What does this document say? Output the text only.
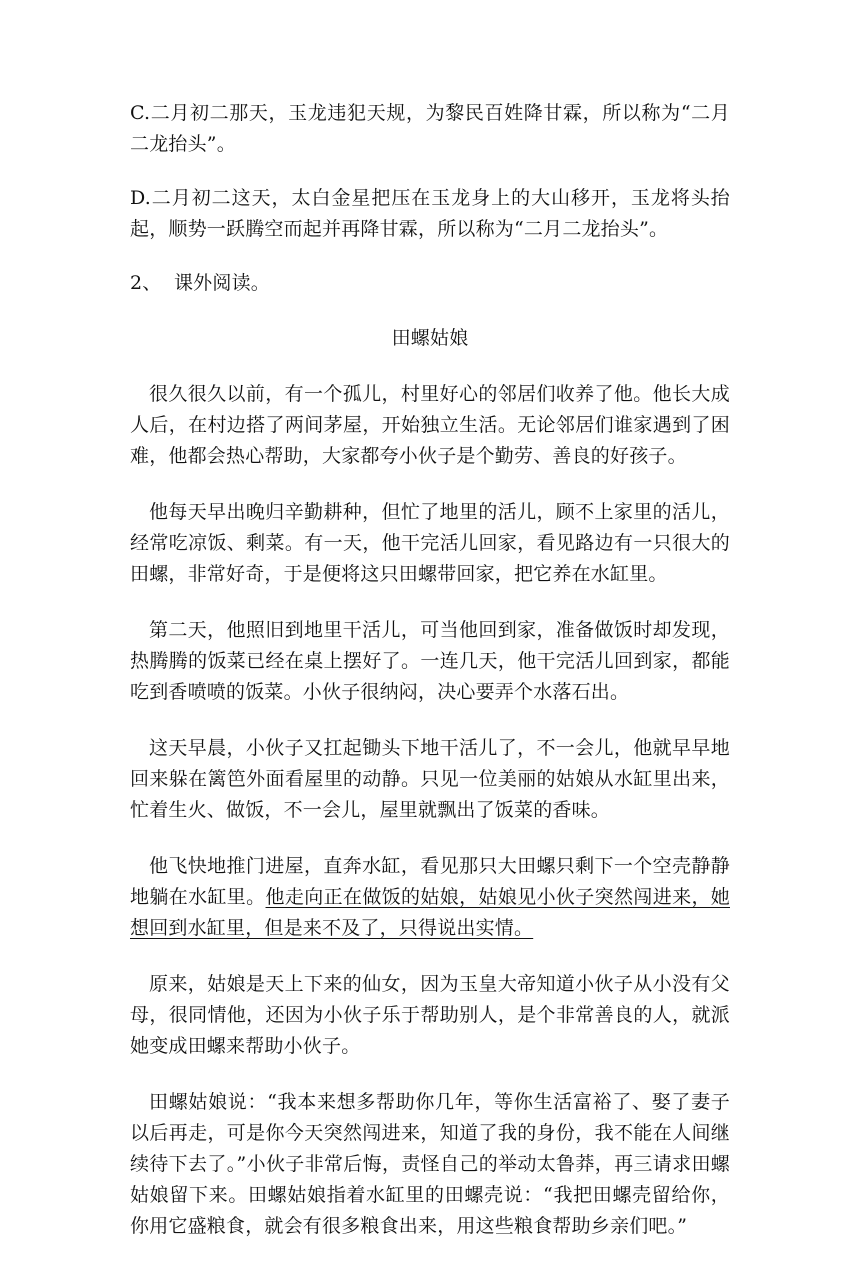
C.二月初二那天，玉龙违犯天规，为黎民百姓降甘霖，所以称为“二月二龙抬头”。

D.二月初二这天，太白金星把压在玉龙身上的大山移开，玉龙将头抬起，顺势一跃腾空而起并再降甘霖，所以称为“二月二龙抬头”。

2、 课外阅读。

田螺姑娘

很久很久以前，有一个孤儿，村里好心的邻居们收养了他。他长大成人后，在村边搭了两间茅屋，开始独立生活。无论邻居们谁家遇到了困难，他都会热心帮助，大家都夸小伙子是个勤劳、善良的好孩子。

他每天早出晚归辛勤耕种，但忙了地里的活儿，顾不上家里的活儿，经常吃凉饭、剩菜。有一天，他干完活儿回家，看见路边有一只很大的田螺，非常好奇，于是便将这只田螺带回家，把它养在水缸里。

第二天，他照旧到地里干活儿，可当他回到家，准备做饭时却发现，热腾腾的饭菜已经在桌上摆好了。一连几天，他干完活儿回到家，都能吃到香喷喷的饭菜。小伙子很纳闷，决心要弄个水落石出。

这天早晨，小伙子又扛起锄头下地干活儿了，不一会儿，他就早早地回来躲在篱笆外面看屋里的动静。只见一位美丽的姑娘从水缸里出来，忙着生火、做饭，不一会儿，屋里就飘出了饭菜的香味。

他飞快地推门进屋，直奔水缸，看见那只大田螺只剩下一个空壳静静地躺在水缸里。他走向正在做饭的姑娘，姑娘见小伙子突然闯进来，她想回到水缸里，但是来不及了，只得说出实情。

原来，姑娘是天上下来的仙女，因为玉皇大帝知道小伙子从小没有父母，很同情他，还因为小伙子乐于帮助别人，是个非常善良的人，就派她变成田螺来帮助小伙子。

田螺姑娘说：“我本来想多帮助你几年，等你生活富裕了、娶了妻子以后再走，可是你今天突然闯进来，知道了我的身份，我不能在人间继续待下去了。”小伙子非常后悔，责怪自己的举动太鲁莽，再三请求田螺姑娘留下来。田螺姑娘指着水缸里的田螺壳说：“我把田螺壳留给你，你用它盛粮食，就会有很多粮食出来，用这些粮食帮助乡亲们吧。”
